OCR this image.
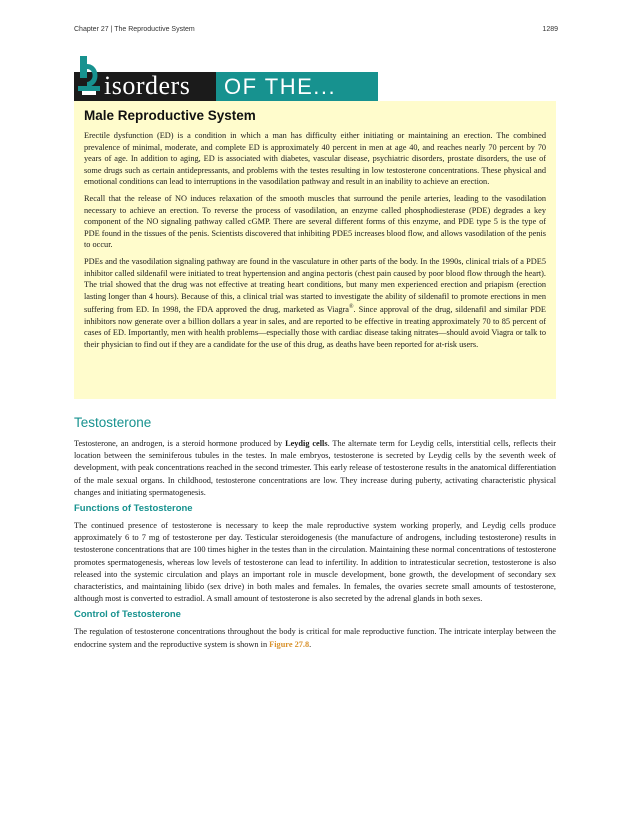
Chapter 27 | The Reproductive System	1289
isorders OF THE...
Male Reproductive System

Erectile dysfunction (ED) is a condition in which a man has difficulty either initiating or maintaining an erection. The combined prevalence of minimal, moderate, and complete ED is approximately 40 percent in men at age 40, and reaches nearly 70 percent by 70 years of age. In addition to aging, ED is associated with diabetes, vascular disease, psychiatric disorders, prostate disorders, the use of some drugs such as certain antidepressants, and problems with the testes resulting in low testosterone concentrations. These physical and emotional conditions can lead to interruptions in the vasodilation pathway and result in an inability to achieve an erection.

Recall that the release of NO induces relaxation of the smooth muscles that surround the penile arteries, leading to the vasodilation necessary to achieve an erection. To reverse the process of vasodilation, an enzyme called phosphodiesterase (PDE) degrades a key component of the NO signaling pathway called cGMP. There are several different forms of this enzyme, and PDE type 5 is the type of PDE found in the tissues of the penis. Scientists discovered that inhibiting PDE5 increases blood flow, and allows vasodilation of the penis to occur.

PDEs and the vasodilation signaling pathway are found in the vasculature in other parts of the body. In the 1990s, clinical trials of a PDE5 inhibitor called sildenafil were initiated to treat hypertension and angina pectoris (chest pain caused by poor blood flow through the heart). The trial showed that the drug was not effective at treating heart conditions, but many men experienced erection and priapism (erection lasting longer than 4 hours). Because of this, a clinical trial was started to investigate the ability of sildenafil to promote erections in men suffering from ED. In 1998, the FDA approved the drug, marketed as Viagra®. Since approval of the drug, sildenafil and similar PDE inhibitors now generate over a billion dollars a year in sales, and are reported to be effective in treating approximately 70 to 85 percent of cases of ED. Importantly, men with health problems—especially those with cardiac disease taking nitrates—should avoid Viagra or talk to their physician to find out if they are a candidate for the use of this drug, as deaths have been reported for at-risk users.

Testosterone

Testosterone, an androgen, is a steroid hormone produced by Leydig cells. The alternate term for Leydig cells, interstitial cells, reflects their location between the seminiferous tubules in the testes. In male embryos, testosterone is secreted by Leydig cells by the seventh week of development, with peak concentrations reached in the second trimester. This early release of testosterone results in the anatomical differentiation of the male sexual organs. In childhood, testosterone concentrations are low. They increase during puberty, activating characteristic physical changes and initiating spermatogenesis.

Functions of Testosterone

The continued presence of testosterone is necessary to keep the male reproductive system working properly, and Leydig cells produce approximately 6 to 7 mg of testosterone per day. Testicular steroidogenesis (the manufacture of androgens, including testosterone) results in testosterone concentrations that are 100 times higher in the testes than in the circulation. Maintaining these normal concentrations of testosterone promotes spermatogenesis, whereas low levels of testosterone can lead to infertility. In addition to intratesticular secretion, testosterone is also released into the systemic circulation and plays an important role in muscle development, bone growth, the development of secondary sex characteristics, and maintaining libido (sex drive) in both males and females. In females, the ovaries secrete small amounts of testosterone, although most is converted to estradiol. A small amount of testosterone is also secreted by the adrenal glands in both sexes.

Control of Testosterone

The regulation of testosterone concentrations throughout the body is critical for male reproductive function. The intricate interplay between the endocrine system and the reproductive system is shown in Figure 27.8.
